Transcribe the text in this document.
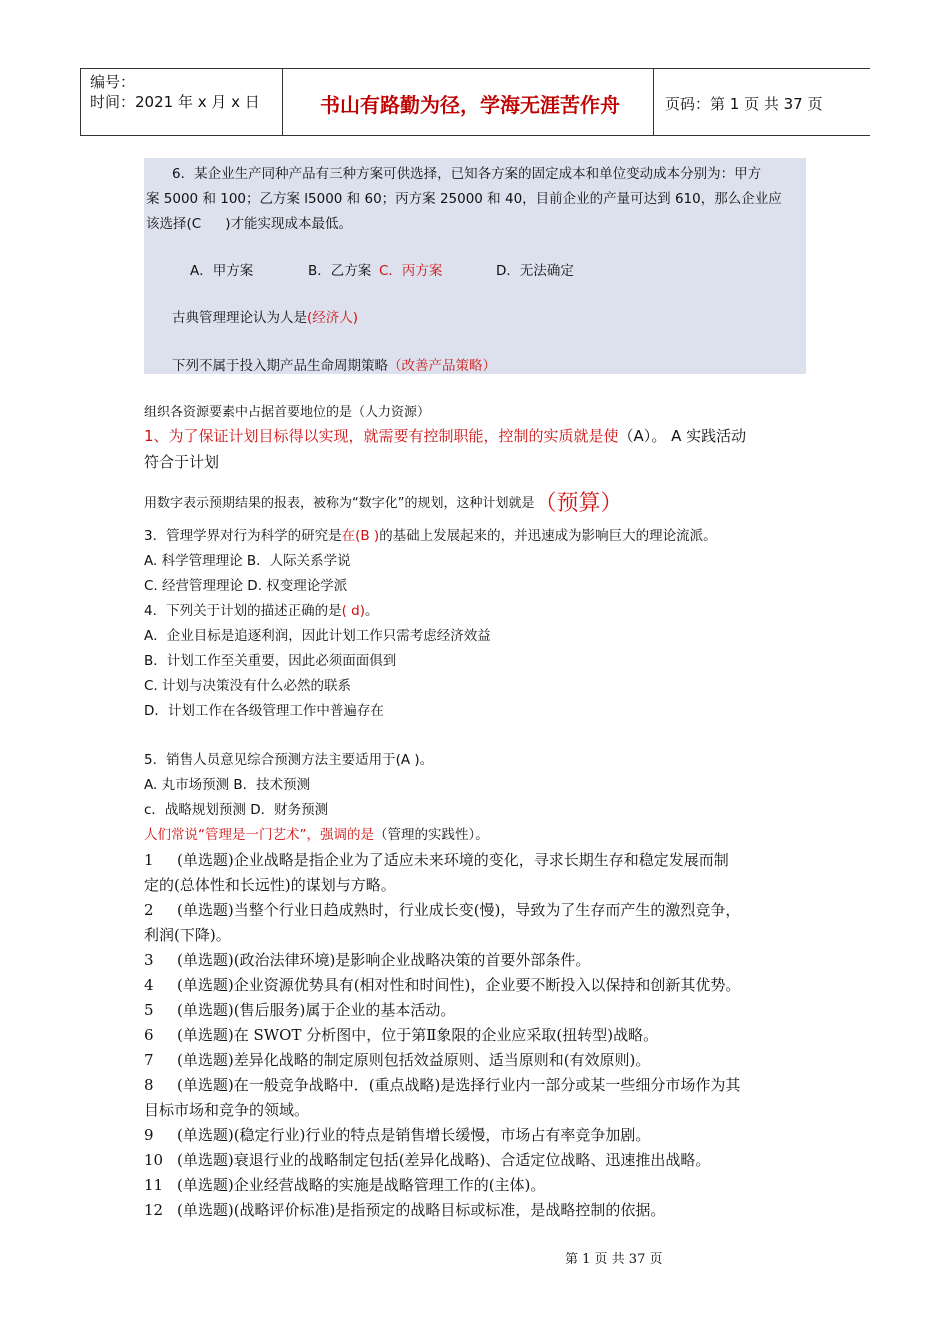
编号：
时间：2021 年 x 月 x 日	书山有路勤为径，学海无涯苦作舟	页码：第 1 页 共 37 页
6．某企业生产同种产品有三种方案可供选择，已知各方案的固定成本和单位变动成本分别为：甲方
案 5000 和 100；乙方案 l5000 和 60；丙方案 25000 和 40，目前企业的产量可达到 610，那么企业应
该选择(C )才能实现成本最低。
A．甲方案	B．乙方案 C．丙方案	D．无法确定
古典管理理论认为人是(经济人)
下列不属于投入期产品生命周期策略（改善产品策略）
组织各资源要素中占据首要地位的是（人力资源）
1、为了保证计划目标得以实现，就需要有控制职能，控制的实质就是使（A）。 A 实践活动
符合于计划
用数字表示预期结果的报表，被称为“数字化”的规划，这种计划就是（预算）
3．管理学界对行为科学的研究是在(B )的基础上发展起来的，并迅速成为影响巨大的理论流派。
A. 科学管理理论 B．人际关系学说
C. 经营管理理论 D. 权变理论学派
4．下列关于计划的描述正确的是( d)。
A．企业目标是追逐利润，因此计划工作只需考虑经济效益
B．计划工作至关重要，因此必须面面俱到
C. 计划与决策没有什么必然的联系
D．计划工作在各级管理工作中普遍存在
5．销售人员意见综合预测方法主要适用于(A )。
A. 丸市场预测 B．技术预测
c．战略规划预测 D．财务预测
人们常说“管理是一门艺术”，强调的是（管理的实践性）。
1 (单选题)企业战略是指企业为了适应未来环境的变化，寻求长期生存和稳定发展而制
定的(总体性和长远性)的谋划与方略。
2 (单选题)当整个行业日趋成熟时，行业成长变(慢)，导致为了生存而产生的激烈竞争，
利润(下降)。
3 (单选题)(政治法律环境)是影响企业战略决策的首要外部条件。
4 (单选题)企业资源优势具有(相对性和时间性)，企业要不断投入以保持和创新其优势。
5 (单选题)(售后服务)属于企业的基本活动。
6 (单选题)在 SWOT 分析图中，位于第Ⅱ象限的企业应采取(扭转型)战略。
7 (单选题)差异化战略的制定原则包括效益原则、适当原则和(有效原则)。
8 (单选题)在一般竞争战略中．(重点战略)是选择行业内一部分或某一些细分市场作为其
目标市场和竞争的领域。
9 (单选题)(稳定行业)行业的特点是销售增长缓慢，市场占有率竞争加剧。
10 (单选题)衰退行业的战略制定包括(差异化战略)、合适定位战略、迅速推出战略。
11 (单选题)企业经营战略的实施是战略管理工作的(主体)。
12 (单选题)(战略评价标准)是指预定的战略目标或标准，是战略控制的依据。
第 1 页 共 37 页
